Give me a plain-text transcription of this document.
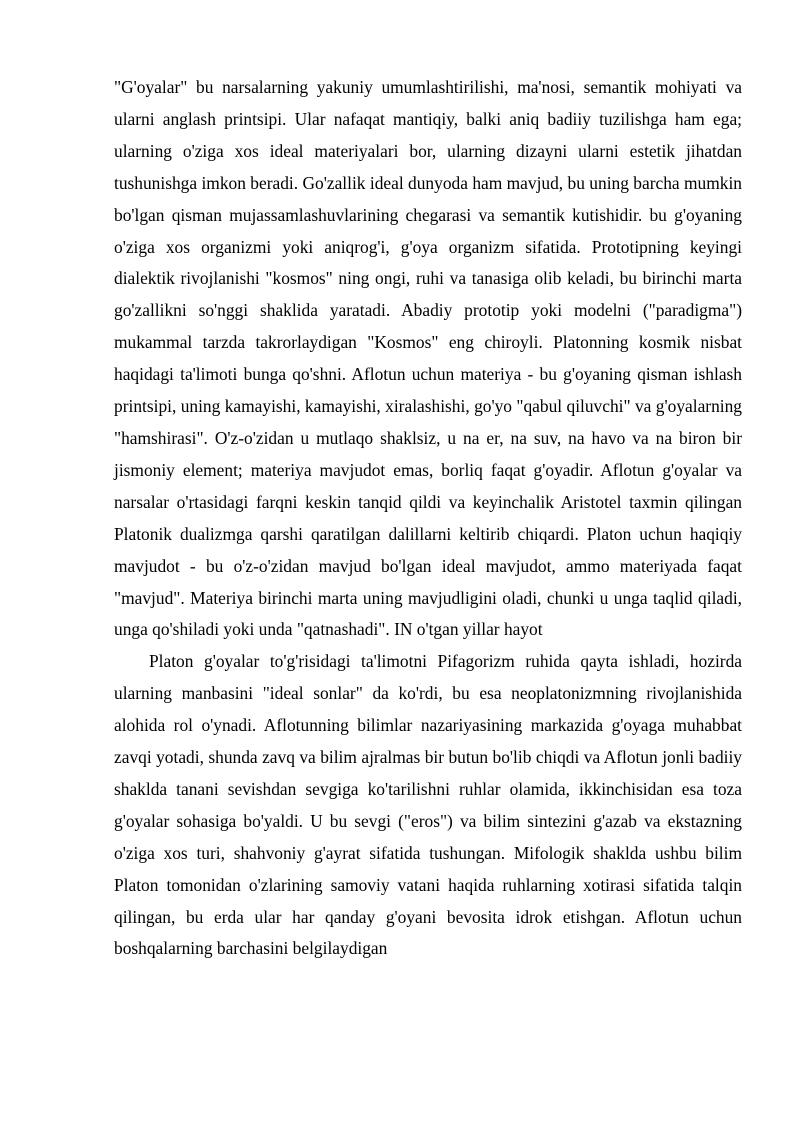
"G'oyalar" bu narsalarning yakuniy umumlashtirilishi, ma'nosi, semantik mohiyati va ularni anglash printsipi. Ular nafaqat mantiqiy, balki aniq badiiy tuzilishga ham ega; ularning o'ziga xos ideal materiyalari bor, ularning dizayni ularni estetik jihatdan tushunishga imkon beradi. Go'zallik ideal dunyoda ham mavjud, bu uning barcha mumkin bo'lgan qisman mujassamlashuvlarining chegarasi va semantik kutishidir. bu g'oyaning o'ziga xos organizmi yoki aniqrog'i, g'oya organizm sifatida. Prototipning keyingi dialektik rivojlanishi "kosmos" ning ongi, ruhi va tanasiga olib keladi, bu birinchi marta go'zallikni so'nggi shaklida yaratadi. Abadiy prototip yoki modelni ("paradigma") mukammal tarzda takrorlaydigan "Kosmos" eng chiroyli. Platonning kosmik nisbat haqidagi ta'limoti bunga qo'shni. Aflotun uchun materiya - bu g'oyaning qisman ishlash printsipi, uning kamayishi, kamayishi, xiralashishi, go'yo "qabul qiluvchi" va g'oyalarning "hamshirasi". O'z-o'zidan u mutlaqo shaklsiz, u na er, na suv, na havo va na biron bir jismoniy element; materiya mavjudot emas, borliq faqat g'oyadir. Aflotun g'oyalar va narsalar o'rtasidagi farqni keskin tanqid qildi va keyinchalik Aristotel taxmin qilingan Platonik dualizmga qarshi qaratilgan dalillarni keltirib chiqardi. Platon uchun haqiqiy mavjudot - bu o'z-o'zidan mavjud bo'lgan ideal mavjudot, ammo materiyada faqat "mavjud". Materiya birinchi marta uning mavjudligini oladi, chunki u unga taqlid qiladi, unga qo'shiladi yoki unda "qatnashadi". IN o'tgan yillar hayot

Platon g'oyalar to'g'risidagi ta'limotni Pifagorizm ruhida qayta ishladi, hozirda ularning manbasini "ideal sonlar" da ko'rdi, bu esa neoplatonizmning rivojlanishida alohida rol o'ynadi. Aflotunning bilimlar nazariyasining markazida g'oyaga muhabbat zavqi yotadi, shunda zavq va bilim ajralmas bir butun bo'lib chiqdi va Aflotun jonli badiiy shaklda tanani sevishdan sevgiga ko'tarilishni ruhlar olamida, ikkinchisidan esa toza g'oyalar sohasiga bo'yaldi. U bu sevgi ("eros") va bilim sintezini g'azab va ekstazning o'ziga xos turi, shahvoniy g'ayrat sifatida tushungan. Mifologik shaklda ushbu bilim Platon tomonidan o'zlarining samoviy vatani haqida ruhlarning xotirasi sifatida talqin qilingan, bu erda ular har qanday g'oyani bevosita idrok etishgan. Aflotun uchun boshqalarning barchasini belgilaydigan
